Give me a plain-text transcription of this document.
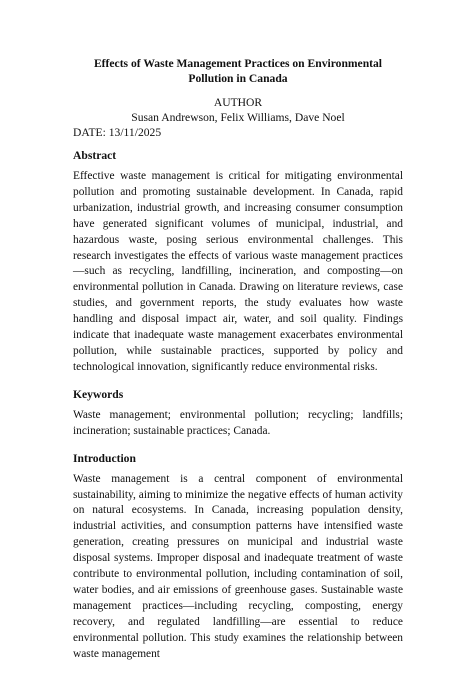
Effects of Waste Management Practices on Environmental Pollution in Canada
AUTHOR
Susan Andrewson, Felix Williams, Dave Noel
DATE: 13/11/2025
Abstract

Effective waste management is critical for mitigating environmental pollution and promoting sustainable development. In Canada, rapid urbanization, industrial growth, and increasing consumer consumption have generated significant volumes of municipal, industrial, and hazardous waste, posing serious environmental challenges. This research investigates the effects of various waste management practices—such as recycling, landfilling, incineration, and composting—on environmental pollution in Canada. Drawing on literature reviews, case studies, and government reports, the study evaluates how waste handling and disposal impact air, water, and soil quality. Findings indicate that inadequate waste management exacerbates environmental pollution, while sustainable practices, supported by policy and technological innovation, significantly reduce environmental risks.

Keywords

Waste management; environmental pollution; recycling; landfills; incineration; sustainable practices; Canada.

Introduction

Waste management is a central component of environmental sustainability, aiming to minimize the negative effects of human activity on natural ecosystems. In Canada, increasing population density, industrial activities, and consumption patterns have intensified waste generation, creating pressures on municipal and industrial waste disposal systems. Improper disposal and inadequate treatment of waste contribute to environmental pollution, including contamination of soil, water bodies, and air emissions of greenhouse gases. Sustainable waste management practices—including recycling, composting, energy recovery, and regulated landfilling—are essential to reduce environmental pollution. This study examines the relationship between waste management
